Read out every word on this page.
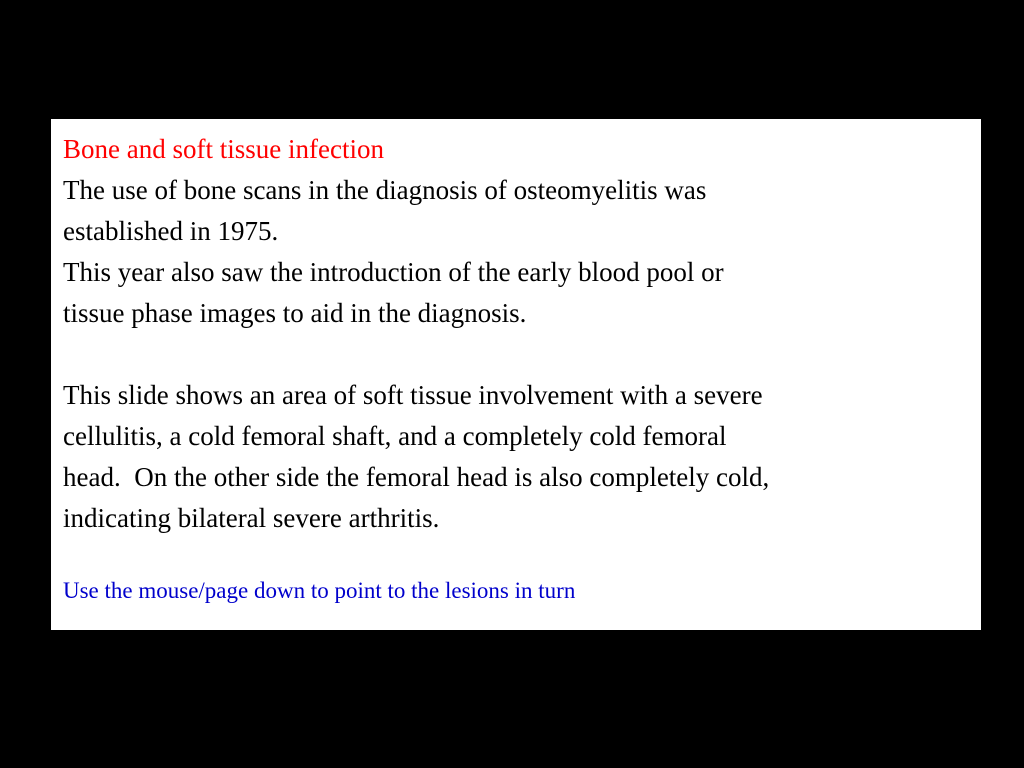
Bone and soft tissue infection

The use of bone scans in the diagnosis of osteomyelitis was

established in 1975.

This year also saw the introduction of the early blood pool or

tissue phase images to aid in the diagnosis.

This slide shows an area of soft tissue involvement with a severe

cellulitis, a cold femoral shaft, and a completely cold femoral

head.  On the other side the femoral head is also completely cold,

indicating bilateral severe arthritis.

Use the mouse/page down to point to the lesions in turn
